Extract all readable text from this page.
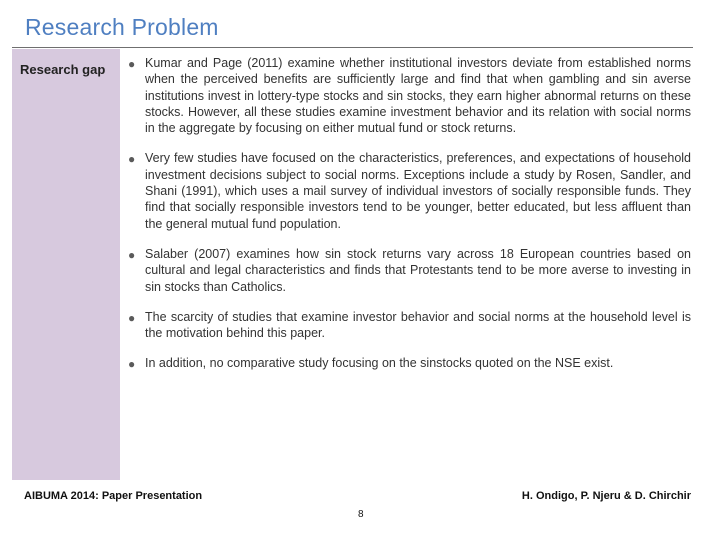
Research Problem
Research gap ● Kumar and Page (2011) examine whether institutional investors deviate from established norms when the perceived benefits are sufficiently large and find that when gambling and sin averse institutions invest in lottery-type stocks and sin stocks, they earn higher abnormal returns on these stocks. However, all these studies examine investment behavior and its relation with social norms in the aggregate by focusing on either mutual fund or stock returns.
● Very few studies have focused on the characteristics, preferences, and expectations of household investment decisions subject to social norms. Exceptions include a study by Rosen, Sandler, and Shani (1991), which uses a mail survey of individual investors of socially responsible funds. They find that socially responsible investors tend to be younger, better educated, but less affluent than the general mutual fund population.
● Salaber (2007) examines how sin stock returns vary across 18 European countries based on cultural and legal characteristics and finds that Protestants tend to be more averse to investing in sin stocks than Catholics.
● The scarcity of studies that examine investor behavior and social norms at the household level is the motivation behind this paper.
● In addition, no comparative study focusing on the sinstocks quoted on the NSE exist.
AIBUMA 2014: Paper Presentation	H. Ondigo, P. Njeru & D. Chirchir
8
